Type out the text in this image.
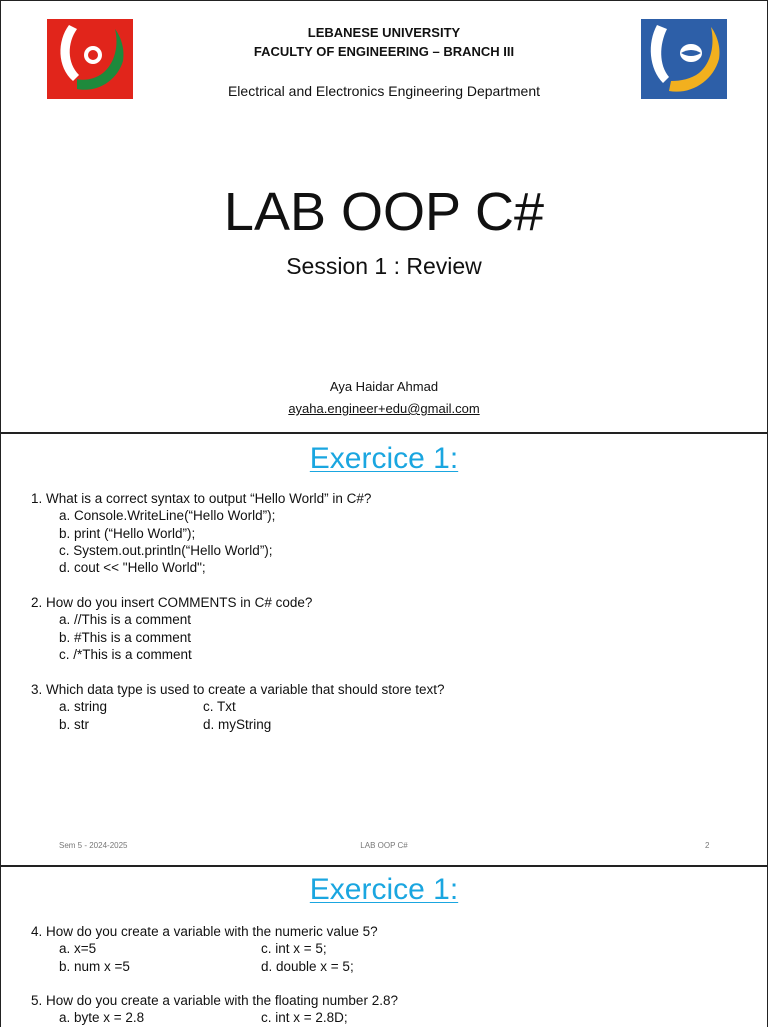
LEBANESE UNIVERSITY
FACULTY OF ENGINEERING – BRANCH III
Electrical and Electronics Engineering Department
LAB OOP C#
Session 1 : Review
Aya Haidar Ahmad
ayaha.engineer+edu@gmail.com
Exercice 1:
1. What is a correct syntax to output “Hello World” in C#?
a. Console.WriteLine(“Hello World”);
b. print (“Hello World”);
c. System.out.println(“Hello World”);
d. cout << "Hello World";
2. How do you insert COMMENTS in C# code?
a. //This is a comment
b. #This is a comment
c. /*This is a comment
3. Which data type is used to create a variable that should store text?
a. string	c. Txt
b. str	d. myString
Sem 5 - 2024-2025	LAB OOP C#	2
Exercice 1:
4. How do you create a variable with the numeric value 5?
a. x=5	c. int x = 5;
b. num x =5	d. double x = 5;
5. How do you create a variable with the floating number 2.8?
a. byte x = 2.8	c. int x = 2.8D;
